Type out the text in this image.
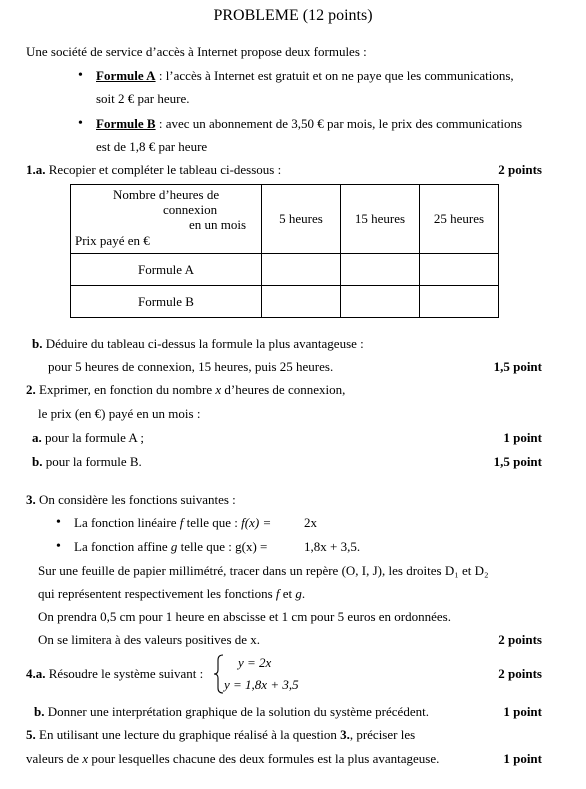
PROBLEME (12 points)
Une société de service d’accès à Internet propose deux formules :
• Formule A : l’accès à Internet est gratuit et on ne paye que les communications,
soit 2 € par heure.
• Formule B : avec un abonnement de 3,50 € par mois, le prix des communications
est de 1,8 € par heure
1.a. Recopier et compléter le tableau ci-dessous :	2 points
Nombre d’heures de
connexion
en un mois
Prix payé en €	5 heures	15 heures	25 heures
Formule A			
Formule B			
b. Déduire du tableau ci-dessus la formule la plus avantageuse :
pour 5 heures de connexion, 15 heures, puis 25 heures.	1,5 point
2. Exprimer, en fonction du nombre x d’heures de connexion,
le prix (en €) payé en un mois :
a. pour la formule A ;	1 point
b. pour la formule B.	1,5 point
3. On considère les fonctions suivantes :
• La fonction linéaire f telle que : f(x) =	2x
• La fonction affine g telle que : g(x) =	1,8x + 3,5.
Sur une feuille de papier millimétré, tracer dans un repère (O, I, J), les droites D₁ et D₂
qui représentent respectivement les fonctions f et g.
On prendra 0,5 cm pour 1 heure en abscisse et 1 cm pour 5 euros en ordonnées.
On se limitera à des valeurs positives de x.	2 points
4.a. Résoudre le système suivant :
y = 2x
y = 1,8x + 3,5
2 points
b. Donner une interprétation graphique de la solution du système précédent.	1 point
5. En utilisant une lecture du graphique réalisé à la question 3., préciser les
valeurs de x pour lesquelles chacune des deux formules est la plus avantageuse.	1 point
